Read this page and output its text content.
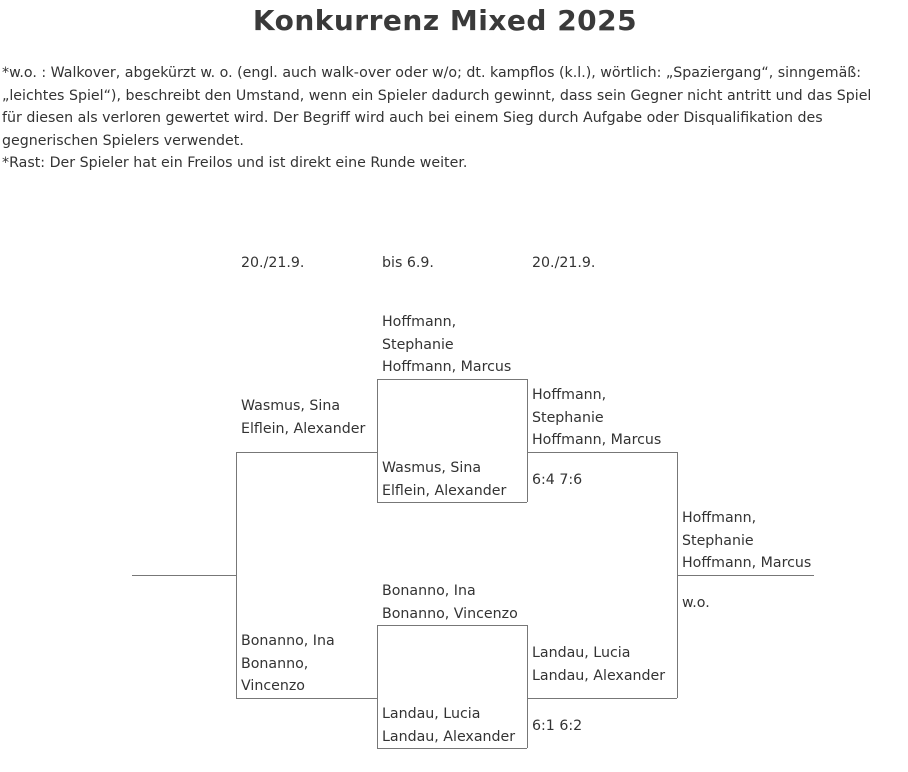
Konkurrenz Mixed 2025

*w.o. : Walkover, abgekürzt w. o. (engl. auch walk-over oder w/o; dt. kampflos (k.l.), wörtlich: „Spaziergang“, sinngemäß: „leichtes Spiel“), beschreibt den Umstand, wenn ein Spieler dadurch gewinnt, dass sein Gegner nicht antritt und das Spiel für diesen als verloren gewertet wird. Der Begriff wird auch bei einem Sieg durch Aufgabe oder Disqualifikation des gegnerischen Spielers verwendet.

*Rast: Der Spieler hat ein Freilos und ist direkt eine Runde weiter.

20./21.9.	bis 6.9.	20./21.9.
Wasmus, Sina
Elflein, Alexander
Bonanno, Ina
Bonanno,
Vincenzo
Hoffmann,
Stephanie
Hoffmann, Marcus
Wasmus, Sina
Elflein, Alexander
Bonanno, Ina
Bonanno, Vincenzo
Landau, Lucia
Landau, Alexander
Hoffmann,
Stephanie
Hoffmann, Marcus
6:4 7:6
Landau, Lucia
Landau, Alexander
6:1 6:2
Hoffmann,
Stephanie
Hoffmann, Marcus
w.o.
